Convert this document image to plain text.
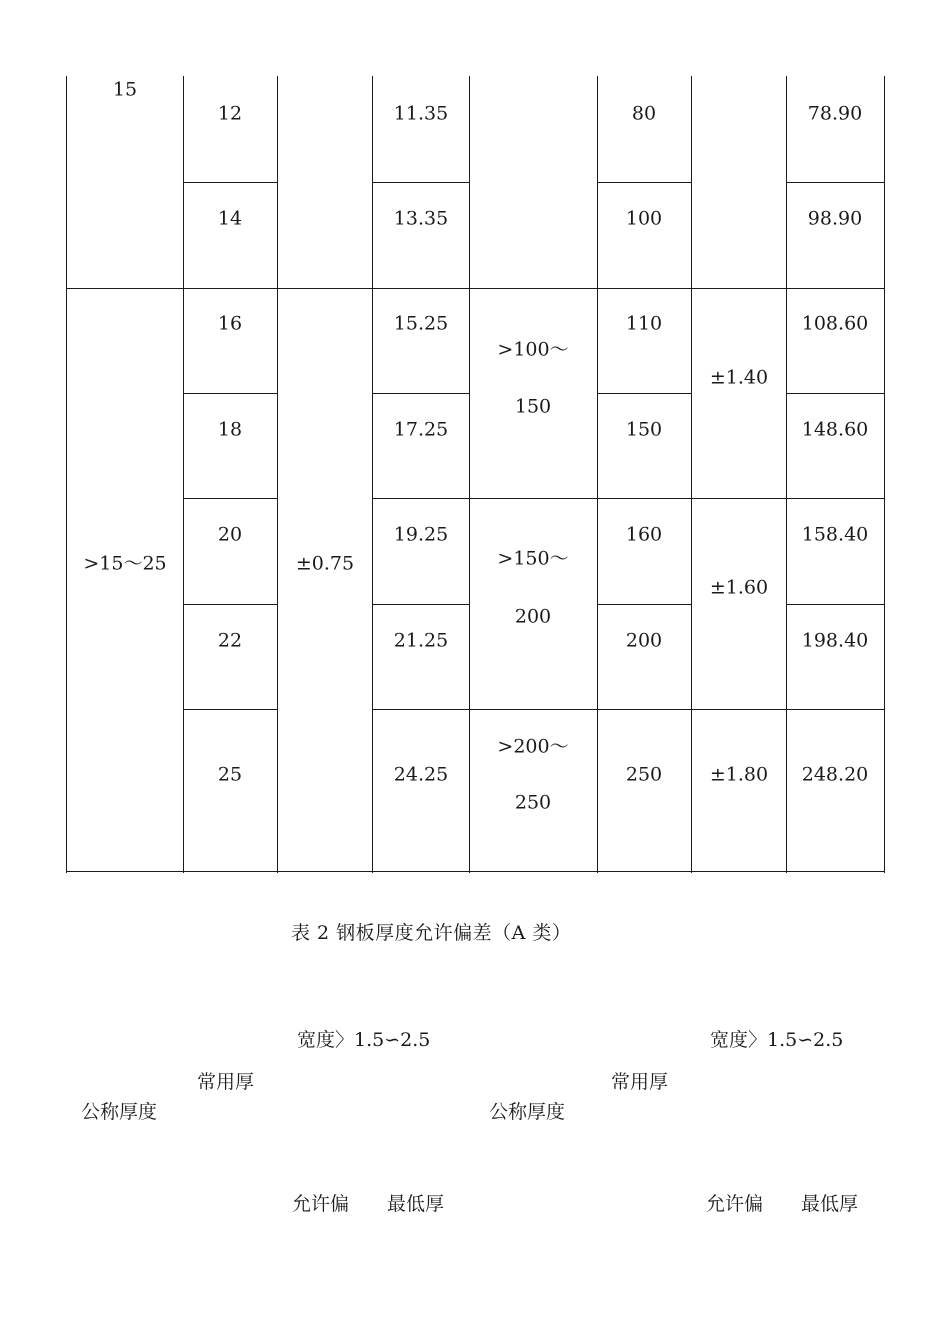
15
>15～25
12
14
16
18
20
22
25
±0.75
11.35
13.35
15.25
17.25
19.25
21.25
24.25
>100～
150
>150～
200
>200～
250
80
100
110
150
160
200
250
±1.40
±1.60
±1.80
78.90
98.90
108.60
148.60
158.40
198.40
248.20
表 2 钢板厚度允许偏差（A 类）
宽度〉1.5∽2.5
常用厚
公称厚度
允许偏 最低厚
宽度〉1.5∽2.5
常用厚
公称厚度
允许偏 最低厚
